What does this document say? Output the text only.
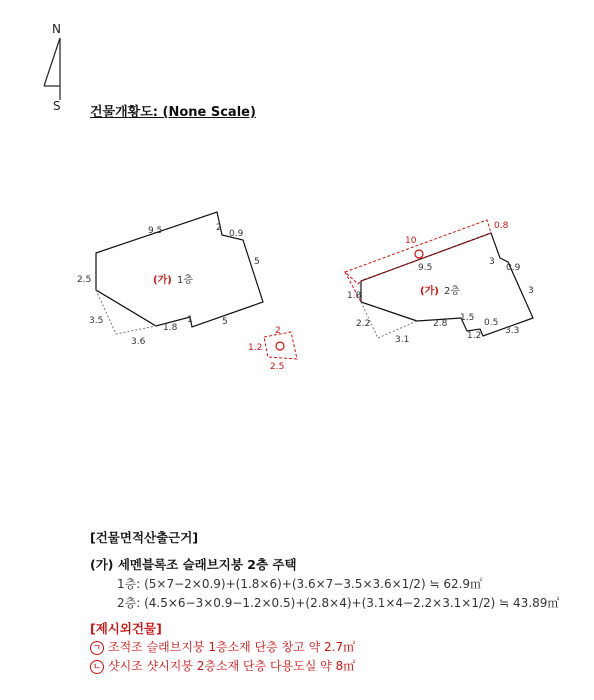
N
S 건물개황도: (None Scale)
9.5	2
0.9
5
5
1
1.8
3.6
3.5
2.5	(가) 1층
2
1.2
2.5
10
0.8
9.5
3
0.9
3
3.3
0.5
1.2
1.5
2.8
3.1
2.2
1.8	(가) 2층
[건물면적산출근거]
(가) 세멘블록조 슬래브지붕 2층 주택
1층: (5×7−2×0.9)+(1.8×6)+(3.6×7−3.5×3.6×1/2) ≒ 62.9㎡
2층: (4.5×6−3×0.9−1.2×0.5)+(2.8×4)+(3.1×4−2.2×3.1×1/2) ≒ 43.89㎡
[제시외건물]
ㄱ 조적조 슬래브지붕 1층소재 단층 창고 약 2.7㎡
ㄴ 샷시조 샷시지붕 2층소재 단층 다용도실 약 8㎡
